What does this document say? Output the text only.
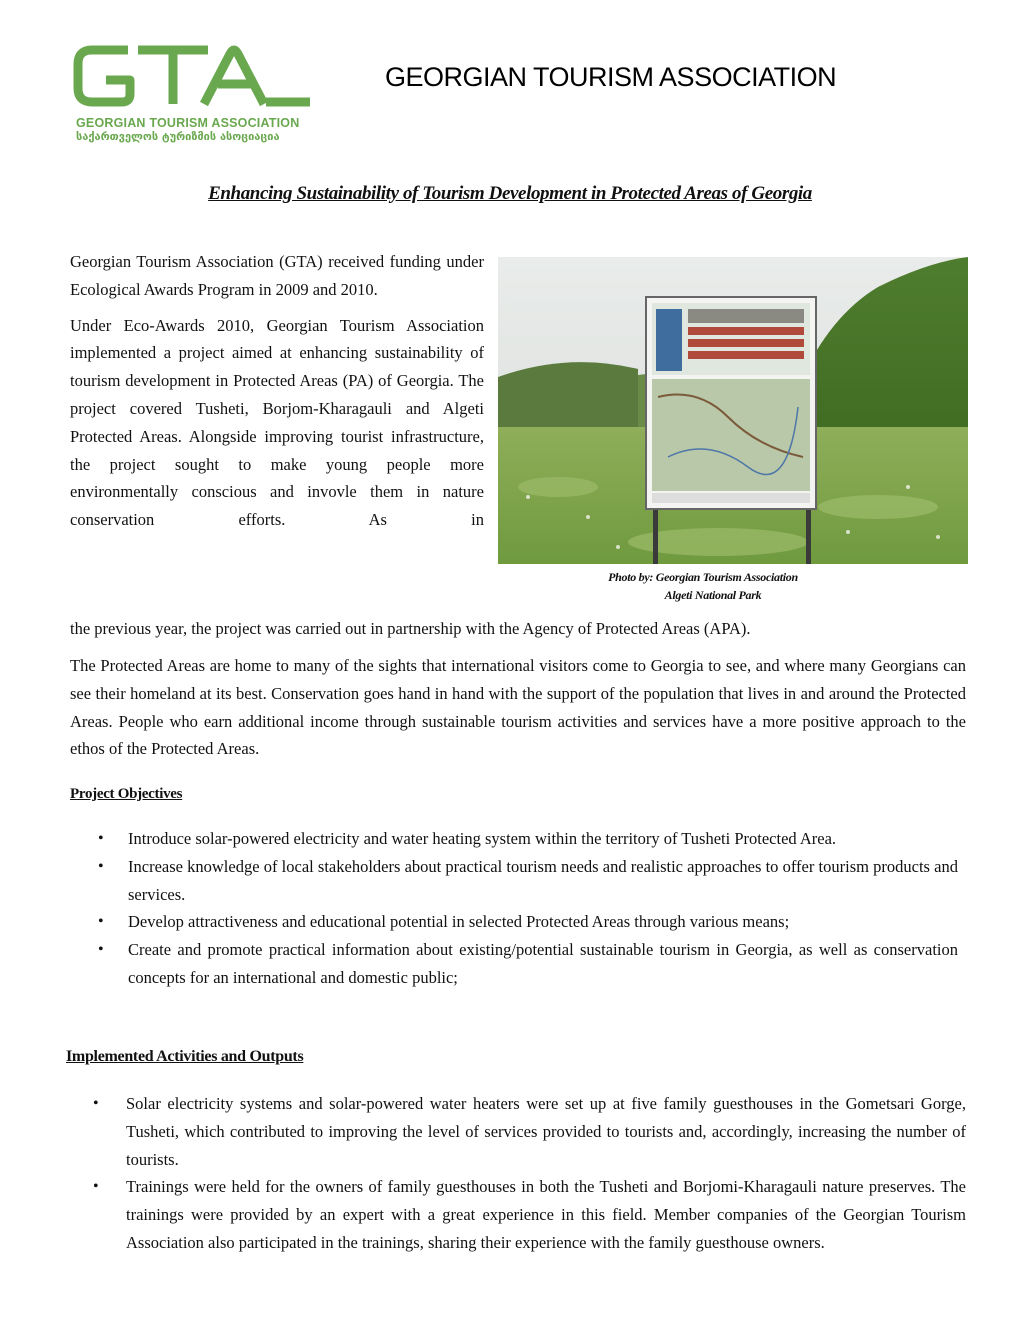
GEORGIAN TOURISM ASSOCIATION
საქართველოს ტურიზმის ასოციაცია
GEORGIAN TOURISM ASSOCIATION
Enhancing Sustainability of Tourism Development in Protected Areas of Georgia

Georgian Tourism Association (GTA) received funding under Ecological Awards Program in 2009 and 2010.

Under Eco-Awards 2010, Georgian Tourism Association implemented a project aimed at enhancing sustainability of tourism development in Protected Areas (PA) of Georgia. The project covered Tusheti, Borjom-Kharagauli and Algeti Protected Areas. Alongside improving tourist infrastructure, the project sought to make young people more environmentally conscious and invovle them in nature conservation efforts. As in

Photo by: Georgian Tourism Association
Algeti National Park

the previous year, the project was carried out in partnership with the Agency of Protected Areas (APA).

The Protected Areas are home to many of the sights that international visitors come to Georgia to see, and where many Georgians can see their homeland at its best. Conservation goes hand in hand with the support of the population that lives in and around the Protected Areas. People who earn additional income through sustainable tourism activities and services have a more positive approach to the ethos of the Protected Areas.

Project Objectives
• Introduce solar-powered electricity and water heating system within the territory of Tusheti Protected Area.
• Increase knowledge of local stakeholders about practical tourism needs and realistic approaches to offer tourism products and services.
• Develop attractiveness and educational potential in selected Protected Areas through various means;
• Create and promote practical information about existing/potential sustainable tourism in Georgia, as well as conservation concepts for an international and domestic public;
Implemented Activities and Outputs
• Solar electricity systems and solar-powered water heaters were set up at five family guesthouses in the Gometsari Gorge, Tusheti, which contributed to improving the level of services provided to tourists and, accordingly, increasing the number of tourists.
• Trainings were held for the owners of family guesthouses in both the Tusheti and Borjomi-Kharagauli nature preserves. The trainings were provided by an expert with a great experience in this field. Member companies of the Georgian Tourism Association also participated in the trainings, sharing their experience with the family guesthouse owners.
